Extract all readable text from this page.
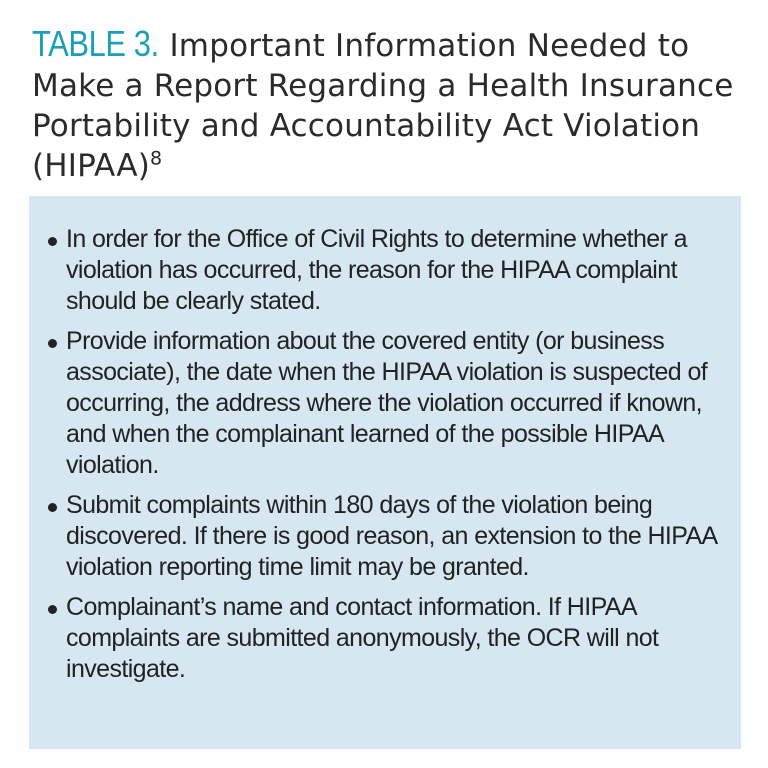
TABLE 3. Important Information Needed to Make a Report Regarding a Health Insurance Portability and Accountability Act Violation (HIPAA)$^8$
In order for the Office of Civil Rights to determine whether a violation has occurred, the reason for the HIPAA complaint should be clearly stated.
Provide information about the covered entity (or business associate), the date when the HIPAA violation is suspected of occurring, the address where the violation occurred if known, and when the complainant learned of the possible HIPAA violation.
Submit complaints within 180 days of the violation being discovered. If there is good reason, an extension to the HIPAA violation reporting time limit may be granted.
Complainant’s name and contact information. If HIPAA complaints are submitted anonymously, the OCR will not investigate.
